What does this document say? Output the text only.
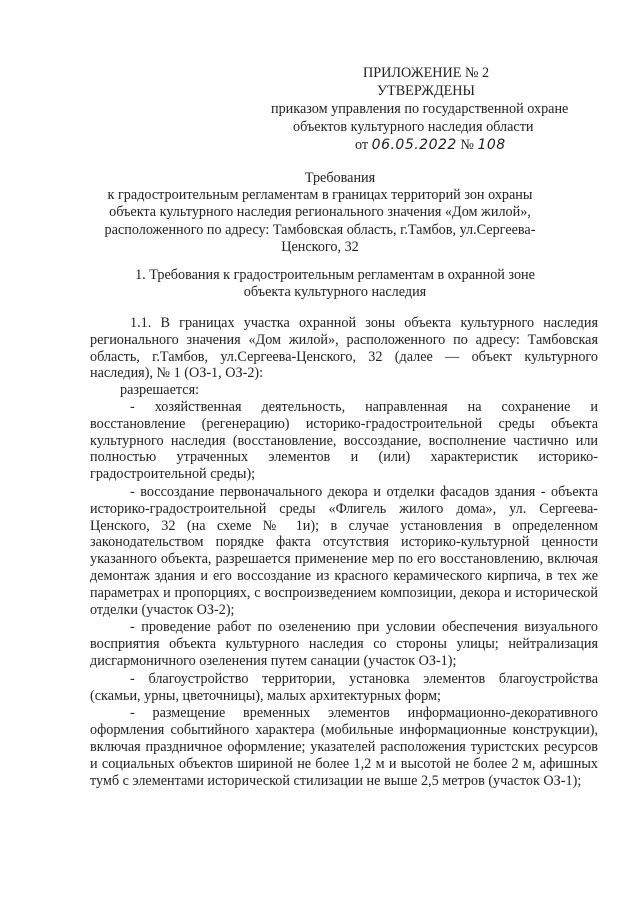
ПРИЛОЖЕНИЕ № 2
УТВЕРЖДЕНЫ
приказом управления по государственной охране
объектов культурного наследия области
от 06.05.2022 № 108
Требования
к градостроительным регламентам в границах территорий зон охраны объекта культурного наследия регионального значения «Дом жилой», расположенного по адресу: Тамбовская область, г.Тамбов, ул.Сергеева-Ценского, 32
1. Требования к градостроительным регламентам в охранной зоне
объекта культурного наследия

1.1. В границах участка охранной зоны объекта культурного наследия регионального значения «Дом жилой», расположенного по адресу: Тамбовская область, г.Тамбов, ул.Сергеева-Ценского, 32 (далее — объект культурного наследия), № 1 (ОЗ-1, ОЗ-2):

разрешается:

- хозяйственная деятельность, направленная на сохранение и восстановление (регенерацию) историко-градостроительной среды объекта культурного наследия (восстановление, воссоздание, восполнение частично или полностью утраченных элементов и (или) характеристик историко-градостроительной среды);

- воссоздание первоначального декора и отделки фасадов здания - объекта историко-градостроительной среды «Флигель жилого дома», ул. Сергеева-Ценского, 32 (на схеме № 1и); в случае установления в определенном законодательством порядке факта отсутствия историко-культурной ценности указанного объекта, разрешается применение мер по его восстановлению, включая демонтаж здания и его воссоздание из красного керамического кирпича, в тех же параметрах и пропорциях, с воспроизведением композиции, декора и исторической отделки (участок ОЗ-2);

- проведение работ по озеленению при условии обеспечения визуального восприятия объекта культурного наследия со стороны улицы; нейтрализация дисгармоничного озеленения путем санации (участок ОЗ-1);

- благоустройство территории, установка элементов благоустройства (скамьи, урны, цветочницы), малых архитектурных форм;

- размещение временных элементов информационно-декоративного оформления событийного характера (мобильные информационные конструкции), включая праздничное оформление; указателей расположения туристских ресурсов и социальных объектов шириной не более 1,2 м и высотой не более 2 м, афишных тумб с элементами исторической стилизации не выше 2,5 метров (участок ОЗ-1);
